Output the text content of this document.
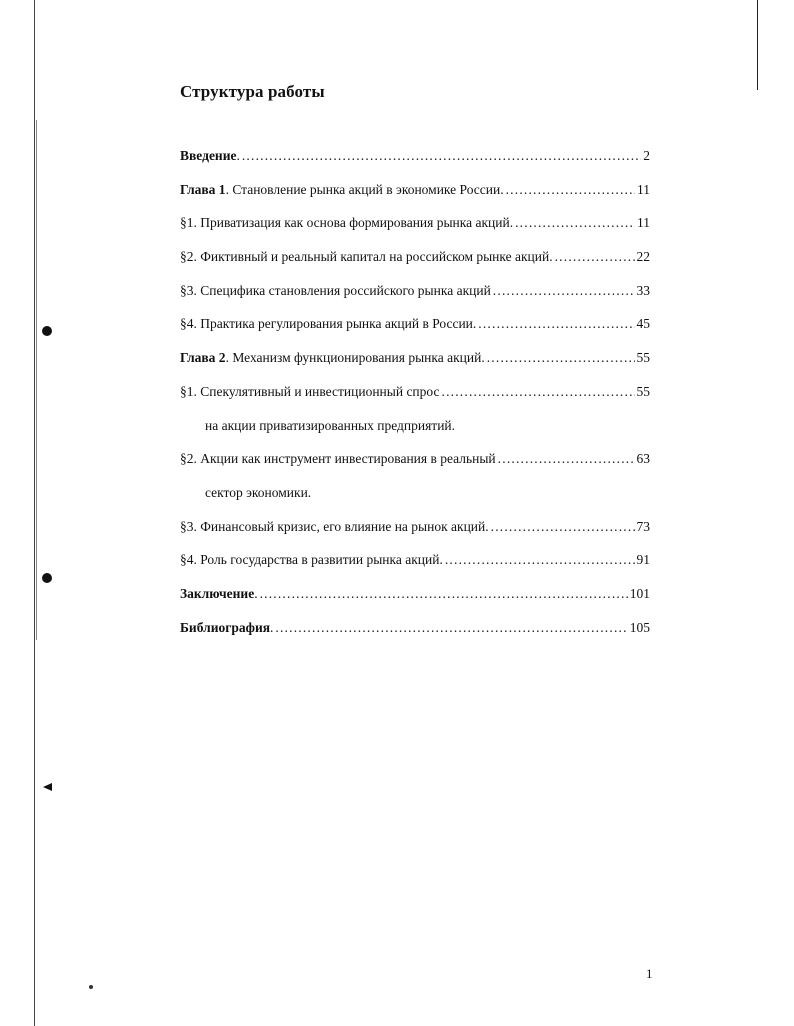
Структура работы
Введение. .....	2
Глава 1. Становление рынка акций в экономике России. .....	11
§1. Приватизация как основа формирования рынка акций. .....	11
§2. Фиктивный и реальный капитал на российском рынке акций. .....	22
§3. Специфика становления российского рынка акций .....	33
§4. Практика регулирования рынка акций в России. .....	45
Глава 2. Механизм функционирования рынка акций. .....	55
§1. Спекулятивный и инвестиционный спрос .....	55
на акции приватизированных предприятий.
§2. Акции как инструмент инвестирования в реальный .....	63
сектор экономики.
§3. Финансовый кризис, его влияние на рынок акций. .....	73
§4. Роль государства в развитии рынка акций. .....	91
Заключение. .....	101
Библиография. .....	105
1
